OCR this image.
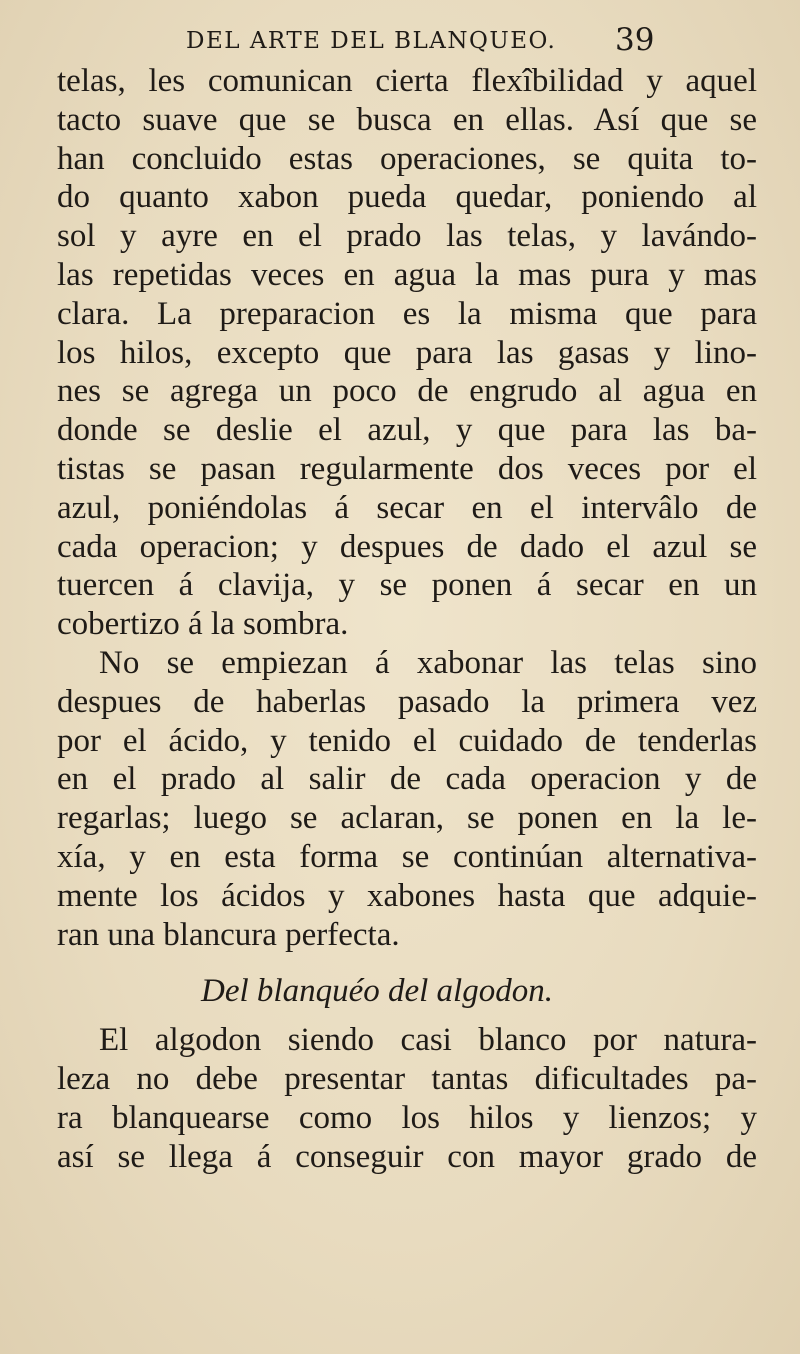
DEL ARTE DEL BLANQUEO. 39
telas, les comunican cierta flexîbilidad y aquel
tacto suave que se busca en ellas. Así que se
han concluido estas operaciones, se quita to-
do quanto xabon pueda quedar, poniendo al
sol y ayre en el prado las telas, y lavándo-
las repetidas veces en agua la mas pura y mas
clara. La preparacion es la misma que para
los hilos, excepto que para las gasas y lino-
nes se agrega un poco de engrudo al agua en
donde se deslie el azul, y que para las ba-
tistas se pasan regularmente dos veces por el
azul, poniéndolas á secar en el intervâlo de
cada operacion; y despues de dado el azul se
tuercen á clavija, y se ponen á secar en un
cobertizo á la sombra.
No se empiezan á xabonar las telas sino
despues de haberlas pasado la primera vez
por el ácido, y tenido el cuidado de tenderlas
en el prado al salir de cada operacion y de
regarlas; luego se aclaran, se ponen en la le-
xía, y en esta forma se continúan alternativa-
mente los ácidos y xabones hasta que adquie-
ran una blancura perfecta.
Del blanquéo del algodon.
El algodon siendo casi blanco por natura-
leza no debe presentar tantas dificultades pa-
ra blanquearse como los hilos y lienzos; y
así se llega á conseguir con mayor grado de
